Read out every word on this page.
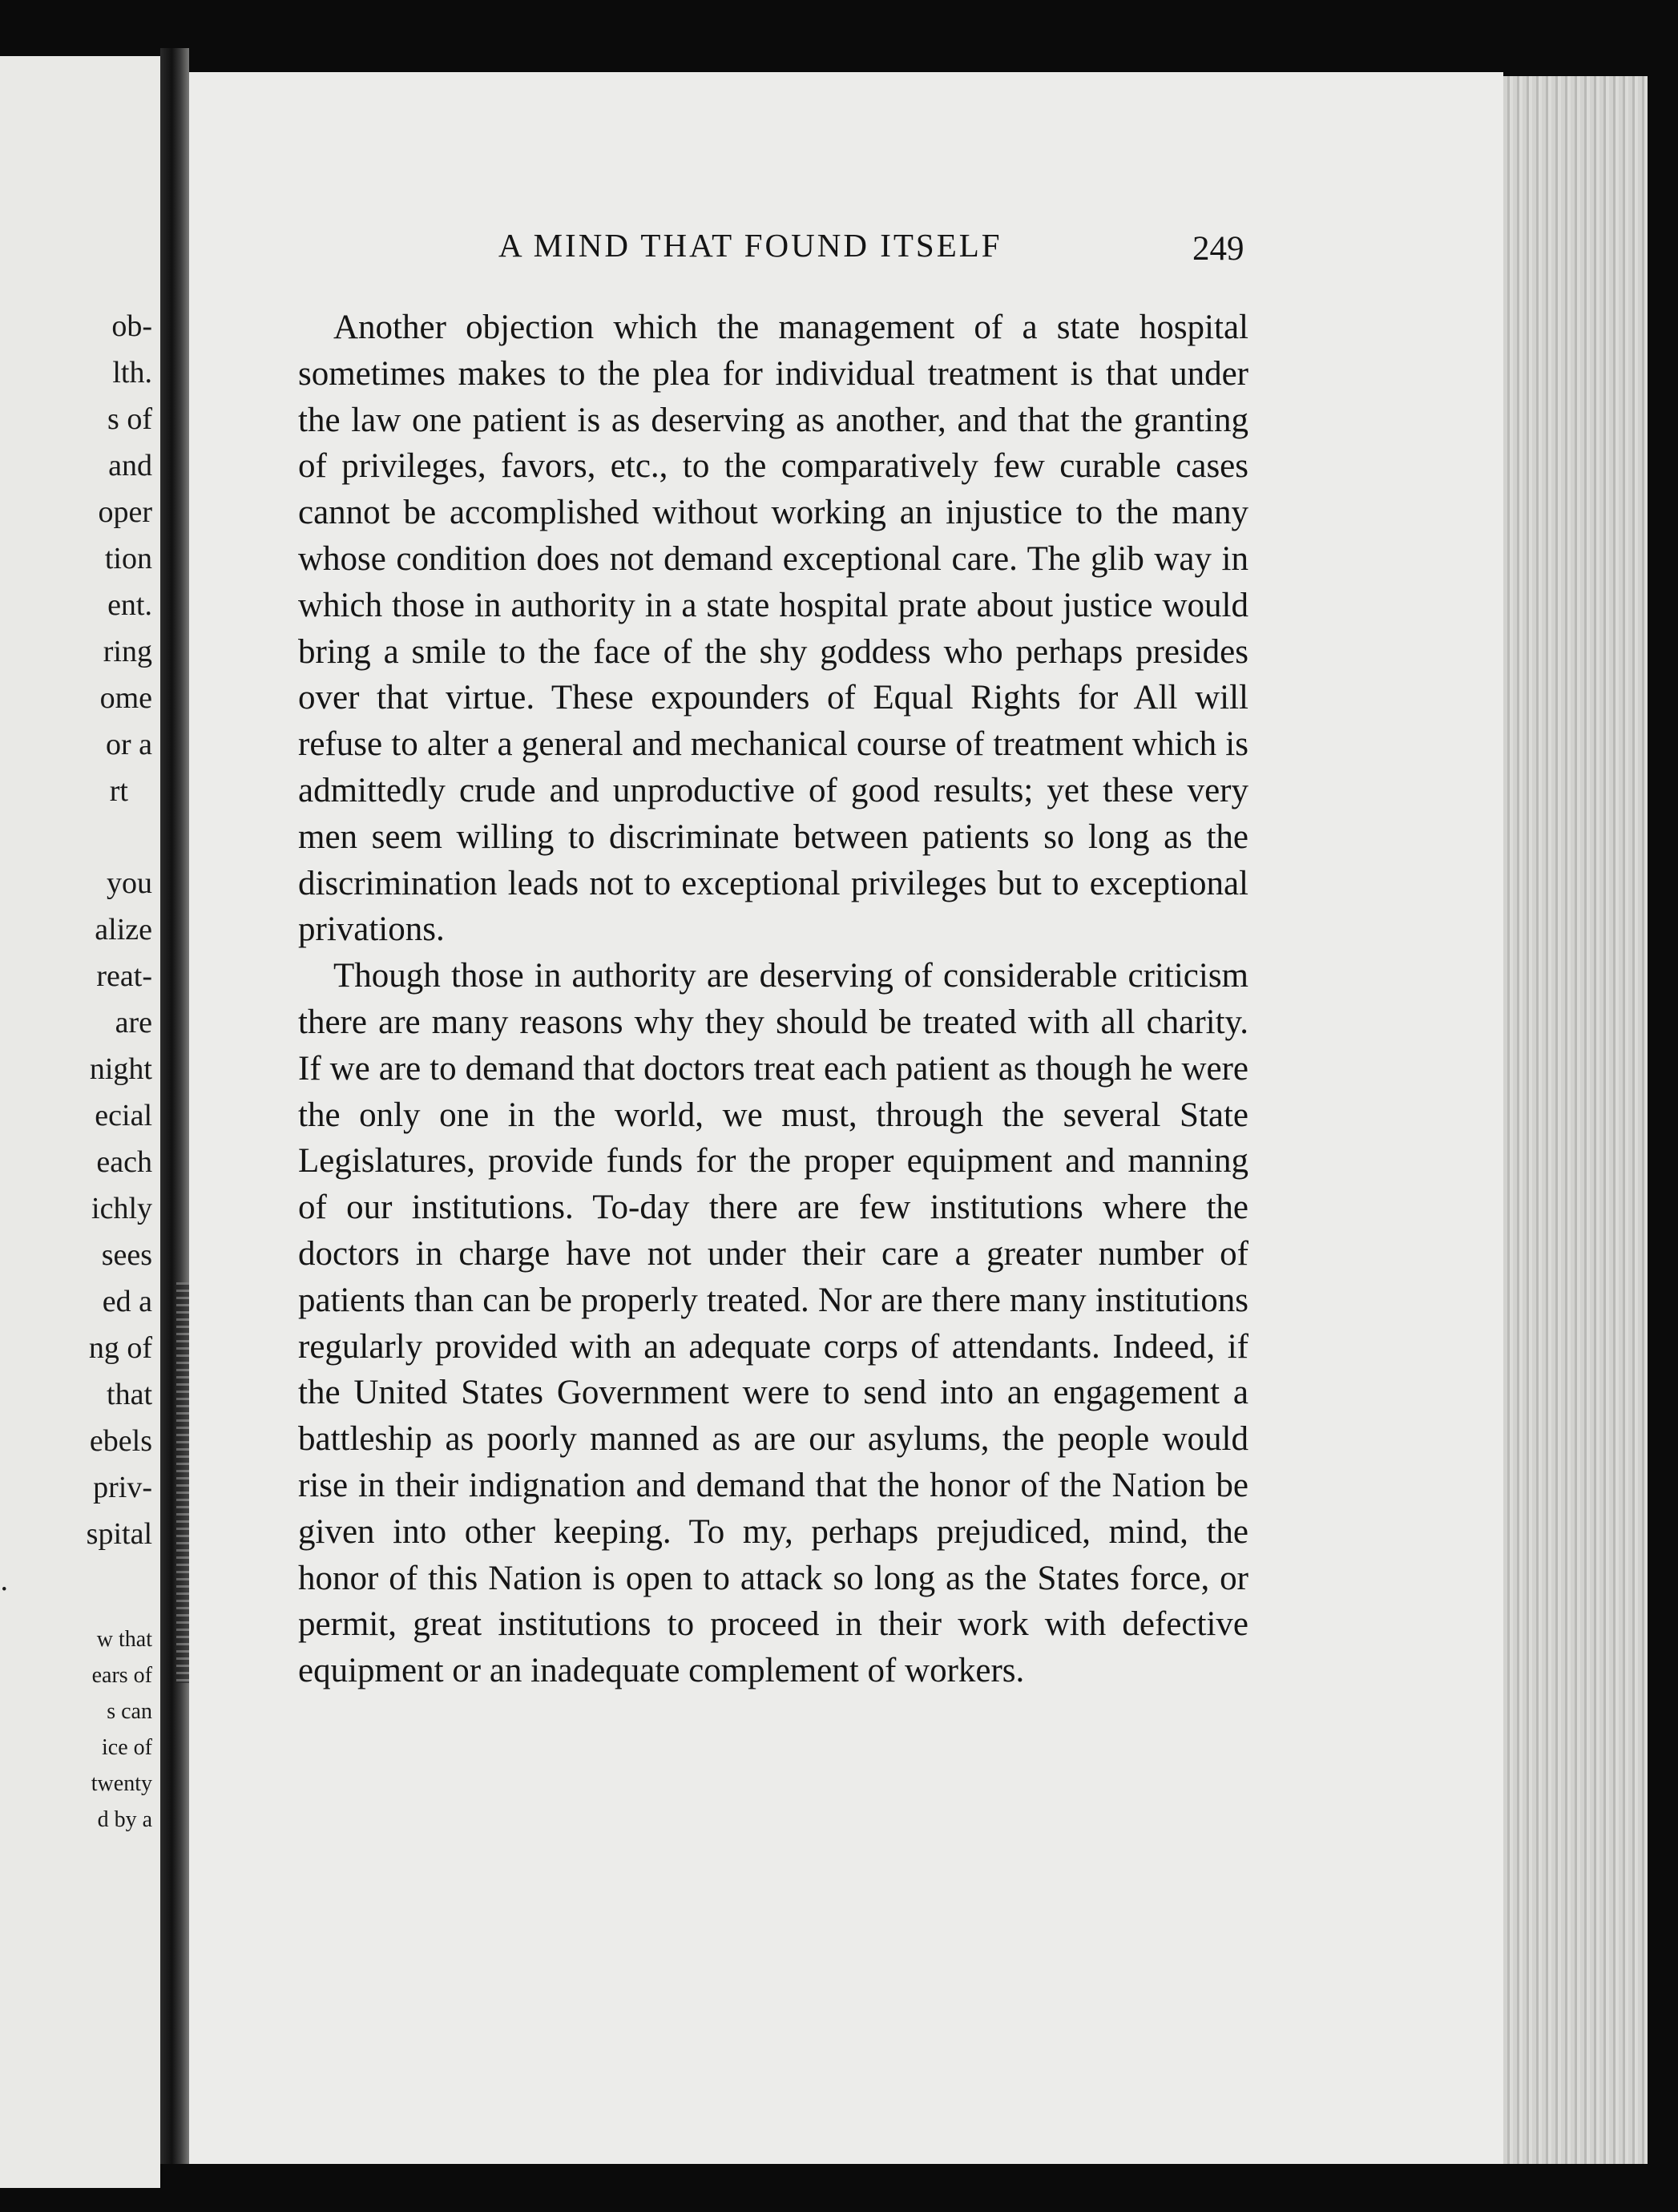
ob-
lth.
s of
and
oper
tion
ent.
ring
ome
or a
rt
you
alize
reat-
are
night
ecial
each
ichly
sees
ed a
ng of
that
ebels
priv-
spital
.
w that
ears of
s can
ice of
twenty
d by a
A MIND THAT FOUND ITSELF	249

Another objection which the management of a state hospital sometimes makes to the plea for individual treatment is that under the law one patient is as deserving as another, and that the granting of privileges, favors, etc., to the comparatively few curable cases cannot be accomplished without working an injustice to the many whose condition does not demand exceptional care. The glib way in which those in authority in a state hospital prate about justice would bring a smile to the face of the shy goddess who perhaps presides over that virtue. These expounders of Equal Rights for All will refuse to alter a general and mechanical course of treatment which is admittedly crude and unproductive of good results; yet these very men seem willing to discriminate between patients so long as the discrimination leads not to exceptional privileges but to exceptional privations.

Though those in authority are deserving of considerable criticism there are many reasons why they should be treated with all charity. If we are to demand that doctors treat each patient as though he were the only one in the world, we must, through the several State Legislatures, provide funds for the proper equipment and manning of our institutions. To-day there are few institutions where the doctors in charge have not under their care a greater number of patients than can be properly treated. Nor are there many institutions regularly provided with an adequate corps of attendants. Indeed, if the United States Government were to send into an engagement a battleship as poorly manned as are our asylums, the people would rise in their indignation and demand that the honor of the Nation be given into other keeping. To my, perhaps prejudiced, mind, the honor of this Nation is open to attack so long as the States force, or permit, great institutions to proceed in their work with defective equipment or an inadequate complement of workers.
